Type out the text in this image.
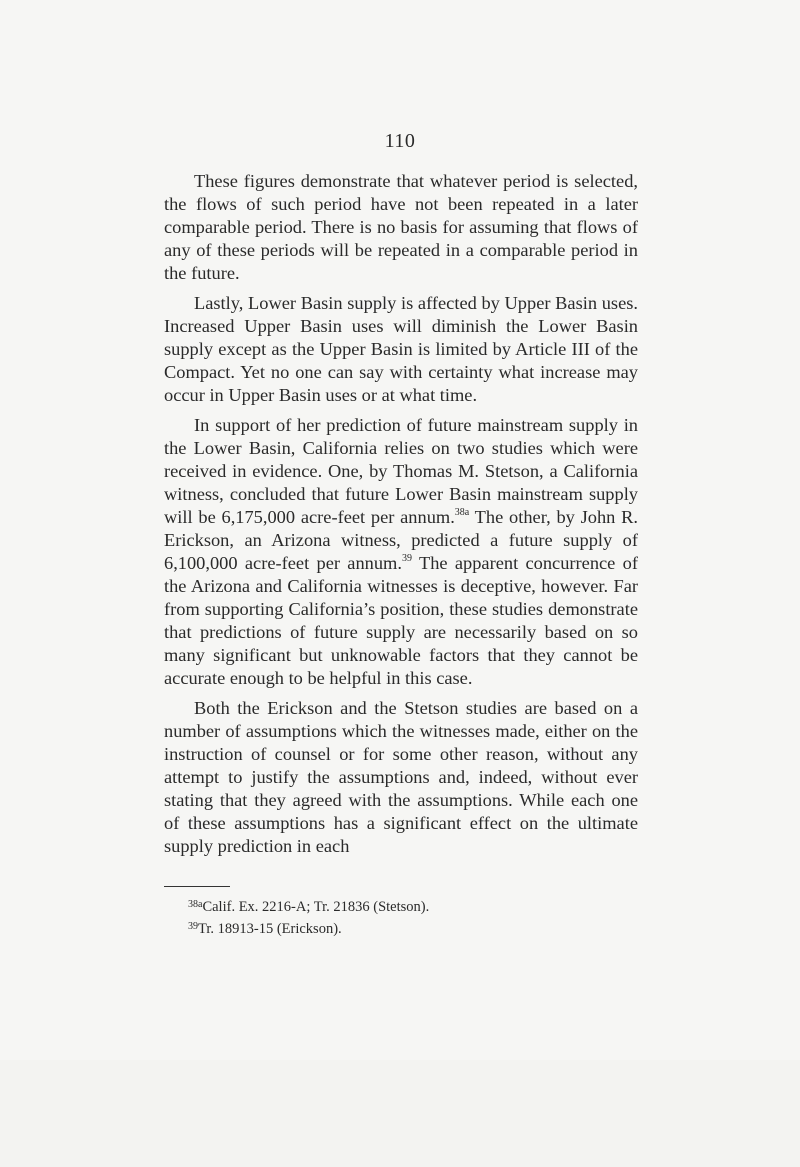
110

These figures demonstrate that whatever period is selected, the flows of such period have not been repeated in a later comparable period. There is no basis for assuming that flows of any of these periods will be repeated in a comparable period in the future.

Lastly, Lower Basin supply is affected by Upper Basin uses. Increased Upper Basin uses will diminish the Lower Basin supply except as the Upper Basin is limited by Article III of the Compact. Yet no one can say with certainty what increase may occur in Upper Basin uses or at what time.

In support of her prediction of future mainstream supply in the Lower Basin, California relies on two studies which were received in evidence. One, by Thomas M. Stetson, a California witness, concluded that future Lower Basin mainstream supply will be 6,175,000 acre-feet per annum.$^{38a}$ The other, by John R. Erickson, an Arizona witness, predicted a future supply of 6,100,000 acre-feet per annum.$^{39}$ The apparent concurrence of the Arizona and California witnesses is deceptive, however. Far from supporting California’s position, these studies demonstrate that predictions of future supply are necessarily based on so many significant but unknowable factors that they cannot be accurate enough to be helpful in this case.

Both the Erickson and the Stetson studies are based on a number of assumptions which the witnesses made, either on the instruction of counsel or for some other reason, without any attempt to justify the assumptions and, indeed, without ever stating that they agreed with the assumptions. While each one of these assumptions has a significant effect on the ultimate supply prediction in each

$^{38a}$Calif. Ex. 2216-A; Tr. 21836 (Stetson).
$^{39}$Tr. 18913-15 (Erickson).
